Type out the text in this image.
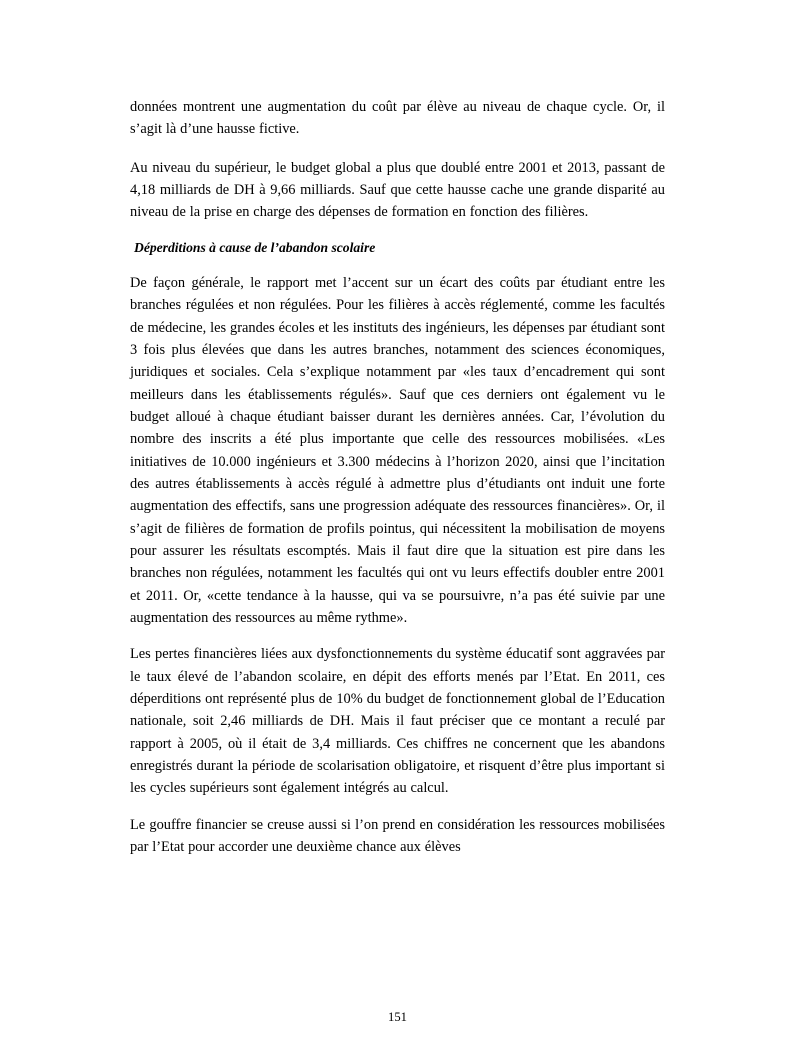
données montrent une augmentation du coût par élève au niveau de chaque cycle. Or, il s’agit là d’une hausse fictive.

Au niveau du supérieur, le budget global a plus que doublé entre 2001 et 2013, passant de 4,18 milliards de DH à 9,66 milliards. Sauf que cette hausse cache une grande disparité au niveau de la prise en charge des dépenses de formation en fonction des filières.

Déperditions à cause de l’abandon scolaire

De façon générale, le rapport met l’accent sur un écart des coûts par étudiant entre les branches régulées et non régulées. Pour les filières à accès réglementé, comme les facultés de médecine, les grandes écoles et les instituts des ingénieurs, les dépenses par étudiant sont 3 fois plus élevées que dans les autres branches, notamment des sciences économiques, juridiques et sociales. Cela s’explique notamment par «les taux d’encadrement qui sont meilleurs dans les établissements régulés». Sauf que ces derniers ont également vu le budget alloué à chaque étudiant baisser durant les dernières années. Car, l’évolution du nombre des inscrits a été plus importante que celle des ressources mobilisées. «Les initiatives de 10.000 ingénieurs et 3.300 médecins à l’horizon 2020, ainsi que l’incitation des autres établissements à accès régulé à admettre plus d’étudiants ont induit une forte augmentation des effectifs, sans une progression adéquate des ressources financières». Or, il s’agit de filières de formation de profils pointus, qui nécessitent la mobilisation de moyens pour assurer les résultats escomptés. Mais il faut dire que la situation est pire dans les branches non régulées, notamment les facultés qui ont vu leurs effectifs doubler entre 2001 et 2011. Or, «cette tendance à la hausse, qui va se poursuivre, n’a pas été suivie par une augmentation des ressources au même rythme».

Les pertes financières liées aux dysfonctionnements du système éducatif sont aggravées par le taux élevé de l’abandon scolaire, en dépit des efforts menés par l’Etat. En 2011, ces déperditions ont représenté plus de 10% du budget de fonctionnement global de l’Education nationale, soit 2,46 milliards de DH. Mais il faut préciser que ce montant a reculé par rapport à 2005, où il était de 3,4 milliards. Ces chiffres ne concernent que les abandons enregistrés durant la période de scolarisation obligatoire, et risquent d’être plus important si les cycles supérieurs sont également intégrés au calcul.

Le gouffre financier se creuse aussi si l’on prend en considération les ressources mobilisées par l’Etat pour accorder une deuxième chance aux élèves

151
